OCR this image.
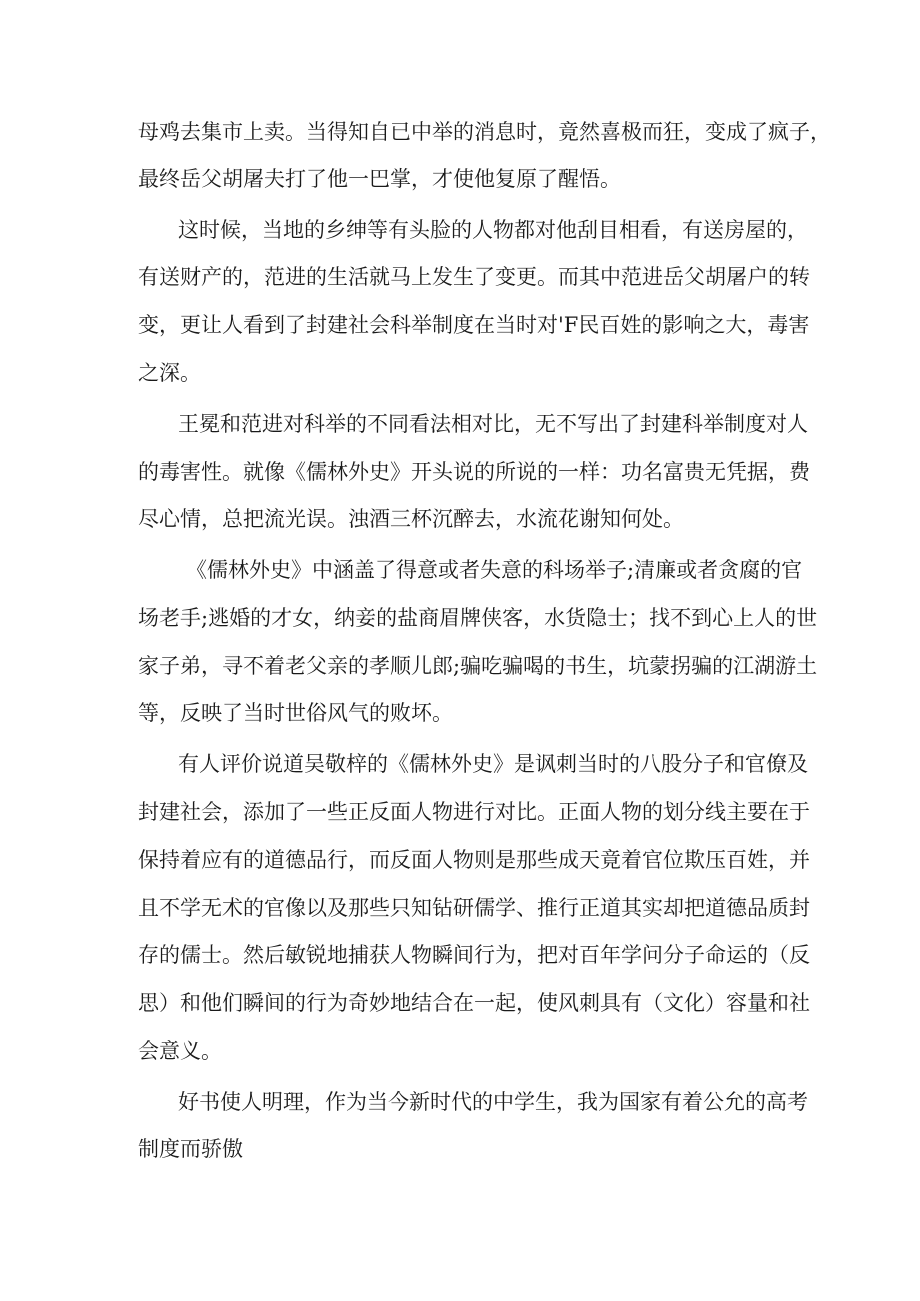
母鸡去集市上卖。当得知自已中举的消息时，竟然喜极而狂，变成了疯子，
最终岳父胡屠夫打了他一巴掌，才使他复原了醒悟。
这时候，当地的乡绅等有头脸的人物都对他刮目相看，有送房屋的，
有送财产的，范进的生活就马上发生了变更。而其中范进岳父胡屠户的转
变，更让人看到了封建社会科举制度在当时对'F民百姓的影响之大，毒害
之深。
王冕和范进对科举的不同看法相对比，无不写出了封建科举制度对人
的毒害性。就像《儒林外史》开头说的所说的一样：功名富贵无凭据，费
尽心情，总把流光误。浊酒三杯沉醉去，水流花谢知何处。
《儒林外史》中涵盖了得意或者失意的科场举子;清廉或者贪腐的官
场老手;逃婚的才女，纳妾的盐商眉牌侠客，水货隐士；找不到心上人的世
家子弟，寻不着老父亲的孝顺儿郎;骗吃骗喝的书生，坑蒙拐骗的江湖游土
等，反映了当时世俗风气的败坏。
有人评价说道吴敬梓的《儒林外史》是讽刺当时的八股分子和官僚及
封建社会，添加了一些正反面人物进行对比。正面人物的划分线主要在于
保持着应有的道德品行，而反面人物则是那些成天竟着官位欺压百姓，并
且不学无术的官像以及那些只知钻研儒学、推行正道其实却把道德品质封
存的儒士。然后敏锐地捕获人物瞬间行为，把对百年学问分子命运的（反
思）和他们瞬间的行为奇妙地结合在一起，使风刺具有（文化）容量和社
会意义。
好书使人明理，作为当今新时代的中学生，我为国家有着公允的高考
制度而骄傲
